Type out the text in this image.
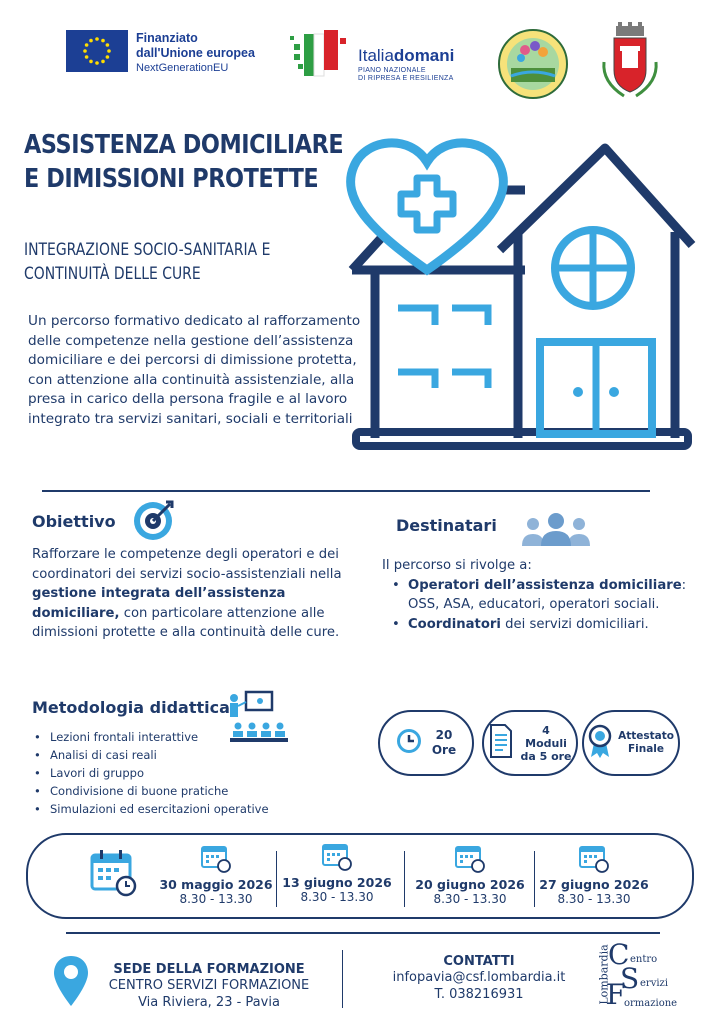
Finanziato
dall'Unione europea
NextGenerationEU
Italiadomani
PIANO NAZIONALE
DI RIPRESA E RESILIENZA
ASSISTENZA DOMICILIARE
E DIMISSIONI PROTETTE
INTEGRAZIONE SOCIO-SANITARIA E
CONTINUITÀ DELLE CURE
Un percorso formativo dedicato al rafforzamento delle competenze nella gestione dell’assistenza domiciliare e dei percorsi di dimissione protetta, con attenzione alla continuità assistenziale, alla presa in carico della persona fragile e al lavoro integrato tra servizi sanitari, sociali e territoriali
Obiettivo
Rafforzare le competenze degli operatori e dei coordinatori dei servizi socio-assistenziali nella gestione integrata dell’assistenza domiciliare, con particolare attenzione alle dimissioni protette e alla continuità delle cure.
Destinatari
Il percorso si rivolge a:
• Operatori dell’assistenza domiciliare: OSS, ASA, educatori, operatori sociali.
• Coordinatori dei servizi domiciliari.
Metodologia didattica
• Lezioni frontali interattive
• Analisi di casi reali
• Lavori di gruppo
• Condivisione di buone pratiche
• Simulazioni ed esercitazioni operative
20
Ore
4
Moduli
da 5 ore
Attestato
Finale
30 maggio 2026
8.30 - 13.30
13 giugno 2026
8.30 - 13.30
20 giugno 2026
8.30 - 13.30
27 giugno 2026
8.30 - 13.30
SEDE DELLA FORMAZIONE
CENTRO SERVIZI FORMAZIONE
Via Riviera, 23 - Pavia
CONTATTI
infopavia@csf.lombardia.it
T. 038216931	Lombardia
C entro
S ervizi
F
ormazione
